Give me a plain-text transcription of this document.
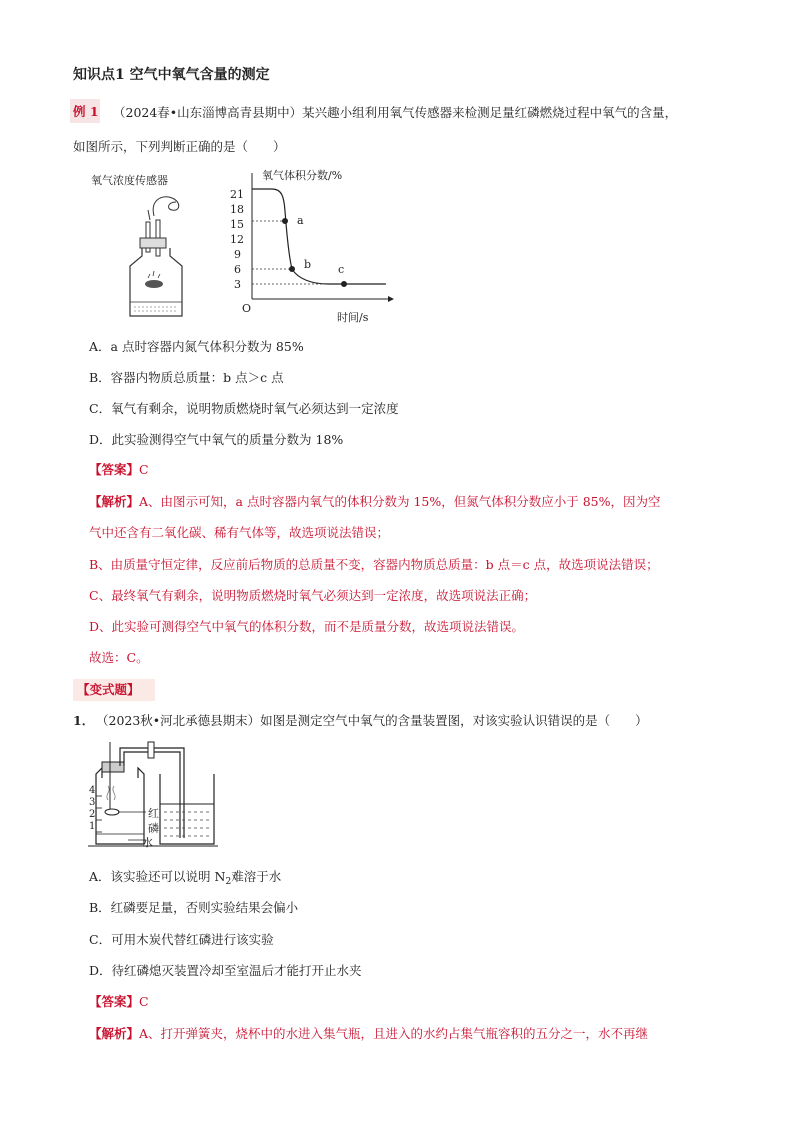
知识点1 空气中氧气含量的测定
例 1 （2024春•山东淄博高青县期中）某兴趣小组利用氧气传感器来检测足量红磷燃烧过程中氧气的含量，
如图所示，下列判断正确的是（　　）
氧气浓度传感器	氧气体积分数/%
21
18
15
12
9
6
3
O
时间/s
a
b c
A．a 点时容器内氮气体积分数为 85%
B．容器内物质总质量：b 点＞c 点
C．氧气有剩余，说明物质燃烧时氧气必须达到一定浓度
D．此实验测得空气中氧气的质量分数为 18%
【答案】C
【解析】A、由图示可知，a 点时容器内氧气的体积分数为 15%，但氮气体积分数应小于 85%，因为空
气中还含有二氧化碳、稀有气体等，故选项说法错误；
B、由质量守恒定律，反应前后物质的总质量不变，容器内物质总质量：b 点＝c 点，故选项说法错误；
C、最终氧气有剩余，说明物质燃烧时氧气必须达到一定浓度，故选项说法正确；
D、此实验可测得空气中氧气的体积分数，而不是质量分数，故选项说法错误。
故选：C。
【变式题】
1． （2023秋•河北承德县期末）如图是测定空气中氧气的含量装置图，对该实验认识错误的是（　　）
4
3
2
1
红
磷
水
A．该实验还可以说明 $N_2$难溶于水
B．红磷要足量，否则实验结果会偏小
C．可用木炭代替红磷进行该实验
D．待红磷熄灭装置冷却至室温后才能打开止水夹
【答案】C
【解析】A、打开弹簧夹，烧杯中的水进入集气瓶，且进入的水约占集气瓶容积的五分之一，水不再继
